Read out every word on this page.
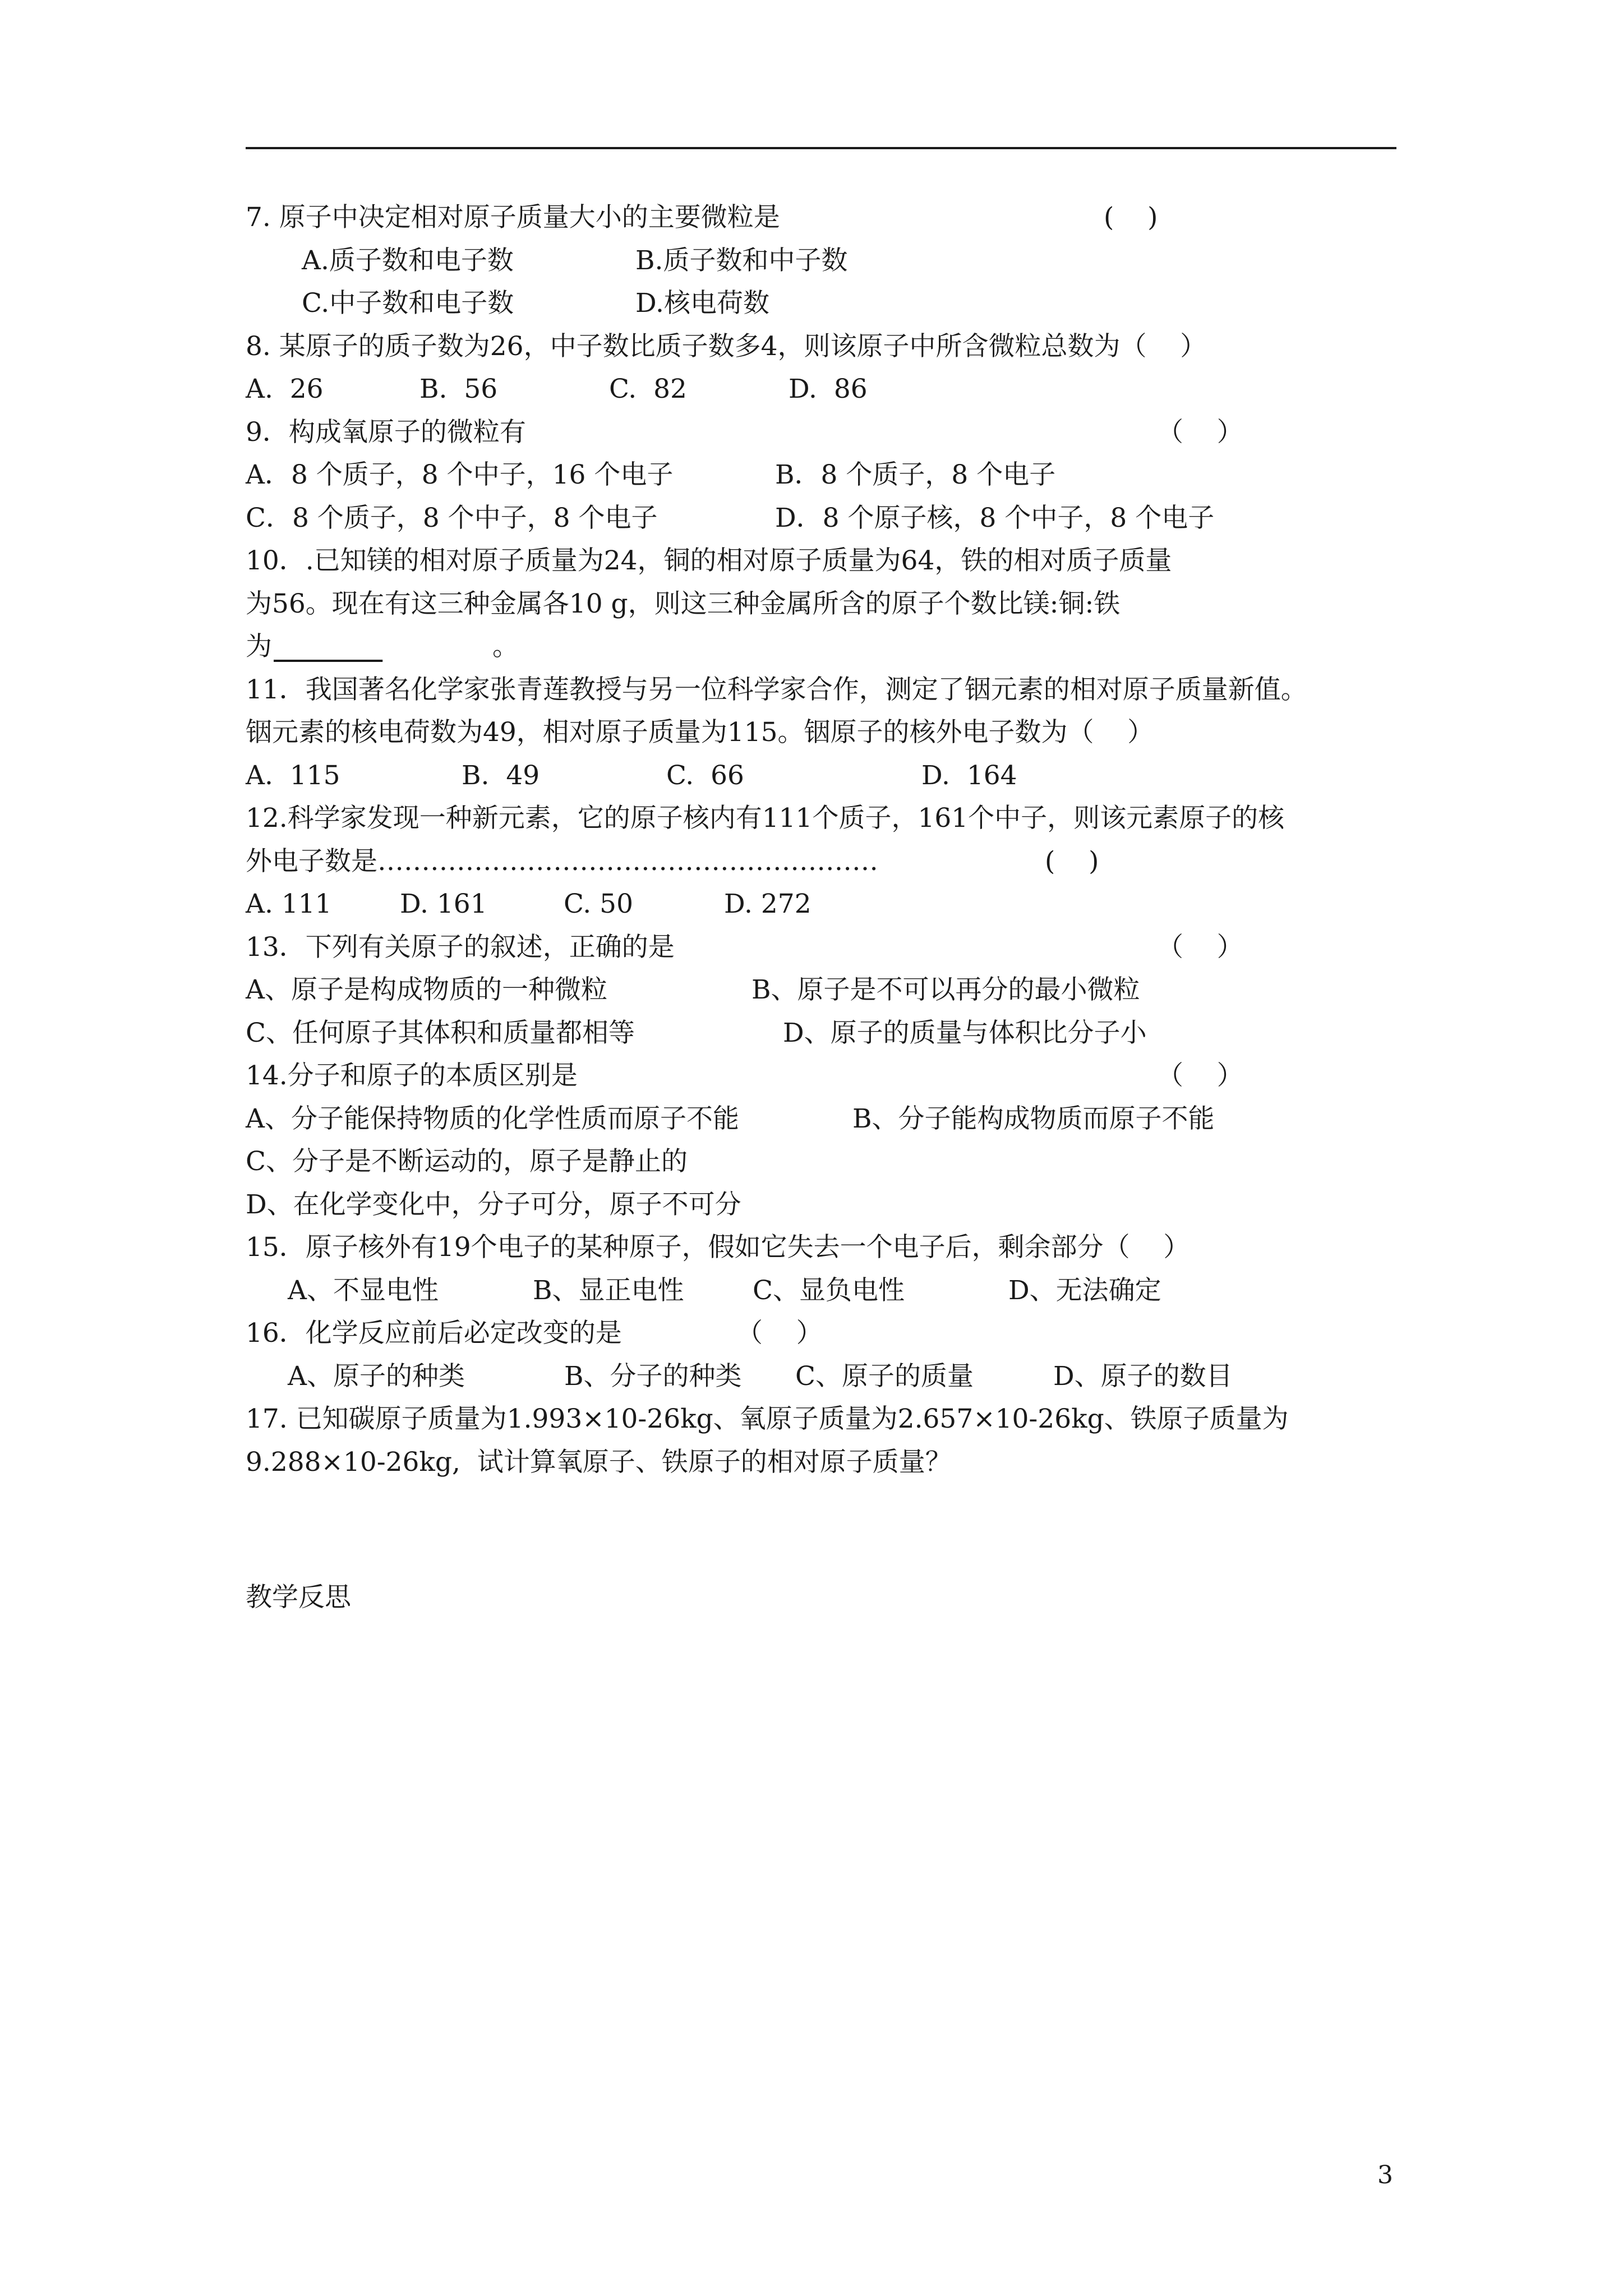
7. 原子中决定相对原子质量大小的主要微粒是	(    )
A.质子数和电子数	B.质子数和中子数
C.中子数和电子数	D.核电荷数
8. 某原子的质子数为26，中子数比质子数多4，则该原子中所含微粒总数为（    ）
A.  26	B.  56	C.  82	D.  86
9．构成氧原子的微粒有	（    ）
A．8 个质子，8 个中子，16 个电子	B．8 个质子，8 个电子
C．8 个质子，8 个中子，8 个电子	D．8 个原子核，8 个中子，8 个电子
10．.已知镁的相对原子质量为24，铜的相对原子质量为64，铁的相对质子质量
为56。现在有这三种金属各10 g，则这三种金属所含的原子个数比镁:铜:铁
为
	。
11．我国著名化学家张青莲教授与另一位科学家合作，测定了铟元素的相对原子质量新值。
铟元素的核电荷数为49，相对原子质量为115。铟原子的核外电子数为（    ）
A.  115	B.  49	C.  66	D.  164
12.科学家发现一种新元素，它的原子核内有111个质子，161个中子，则该元素原子的核
外电子数是…………………………………………………	(    )
A. 111	D. 161	C. 50	D. 272
13．下列有关原子的叙述，正确的是	（    ）
A、原子是构成物质的一种微粒	B、原子是不可以再分的最小微粒
C、任何原子其体积和质量都相等	D、原子的质量与体积比分子小
14.分子和原子的本质区别是	（    ）
A、分子能保持物质的化学性质而原子不能	B、分子能构成物质而原子不能
C、分子是不断运动的，原子是静止的
D、在化学变化中，分子可分，原子不可分
15．原子核外有19个电子的某种原子，假如它失去一个电子后，剩余部分（    ）
A、不显电性	B、显正电性	C、显负电性	D、无法确定
16．化学反应前后必定改变的是	（    ）
A、原子的种类	B、分子的种类 C、原子的质量	D、原子的数目
17. 已知碳原子质量为1.993×10-26kg、氧原子质量为2.657×10-26kg、铁原子质量为
9.288×10-26kg,  试计算氧原子、铁原子的相对原子质量？
教学反思
3
